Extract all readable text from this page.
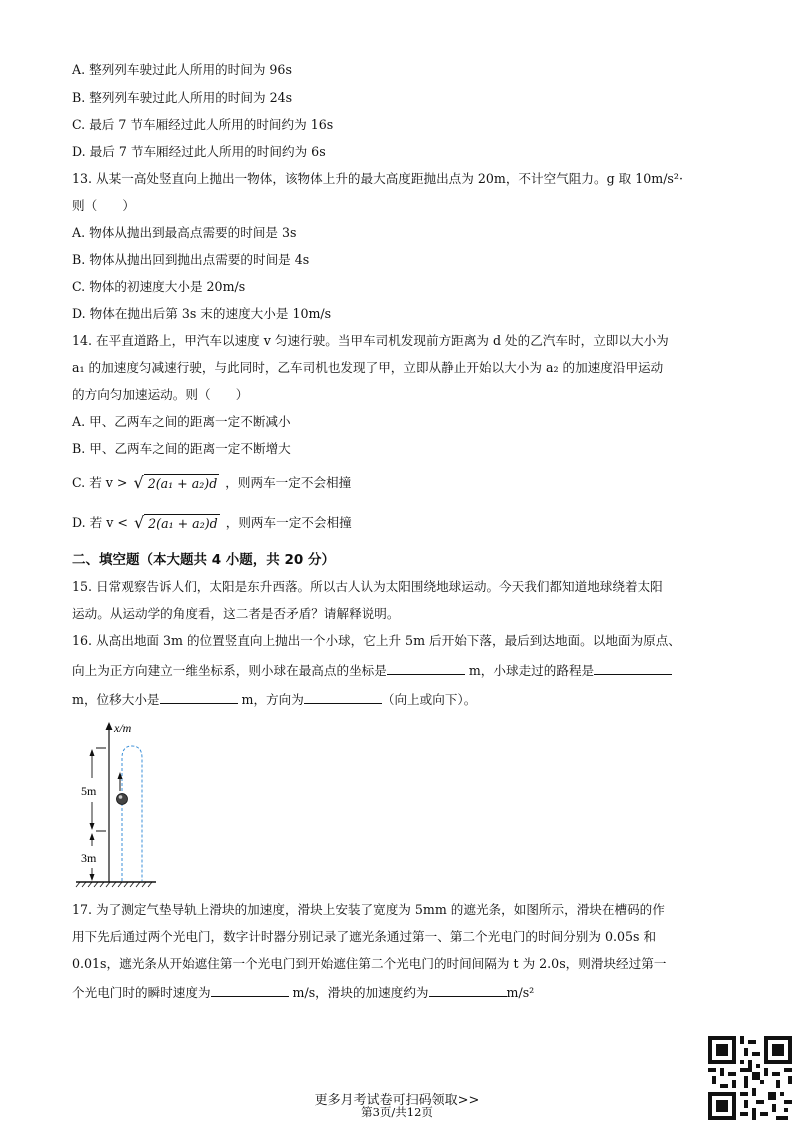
A. 整列列车驶过此人所用的时间为 96s
B. 整列列车驶过此人所用的时间为 24s
C. 最后 7 节车厢经过此人所用的时间约为 16s
D. 最后 7 节车厢经过此人所用的时间约为 6s
13. 从某一高处竖直向上抛出一物体，该物体上升的最大高度距抛出点为 20m，不计空气阻力。g 取 10m/s²·
则（　　）
A. 物体从抛出到最高点需要的时间是 3s
B. 物体从抛出回到抛出点需要的时间是 4s
C. 物体的初速度大小是 20m/s
D. 物体在抛出后第 3s 末的速度大小是 10m/s
14. 在平直道路上，甲汽车以速度 v 匀速行驶。当甲车司机发现前方距离为 d 处的乙汽车时，立即以大小为
a₁ 的加速度匀减速行驶，与此同时，乙车司机也发现了甲，立即从静止开始以大小为 a₂ 的加速度沿甲运动
的方向匀加速运动。则（　　）
A. 甲、乙两车之间的距离一定不断减小
B. 甲、乙两车之间的距离一定不断增大
C. 若 v > √ 2(a₁ + a₂)d ，则两车一定不会相撞
D. 若 v < √ 2(a₁ + a₂)d ，则两车一定不会相撞
二、填空题（本大题共 4 小题，共 20 分）
15. 日常观察告诉人们，太阳是东升西落。所以古人认为太阳围绕地球运动。今天我们都知道地球绕着太阳
运动。从运动学的角度看，这二者是否矛盾？请解释说明。
16. 从高出地面 3m 的位置竖直向上抛出一个小球，它上升 5m 后开始下落，最后到达地面。以地面为原点、
向上为正方向建立一维坐标系，则小球在最高点的坐标是	m，小球走过的路程是
m，位移大小是	m，方向为	（向上或向下）。
x/m
5m
3m
17. 为了测定气垫导轨上滑块的加速度，滑块上安装了宽度为 5mm 的遮光条，如图所示，滑块在槽码的作
用下先后通过两个光电门，数字计时器分别记录了遮光条通过第一、第二个光电门的时间分别为 0.05s 和
0.01s，遮光条从开始遮住第一个光电门到开始遮住第二个光电门的时间间隔为 t 为 2.0s，则滑块经过第一
个光电门时的瞬时速度为	m/s，滑块的加速度约为	m/s²
更多月考试卷可扫码领取>>
第3页/共12页
